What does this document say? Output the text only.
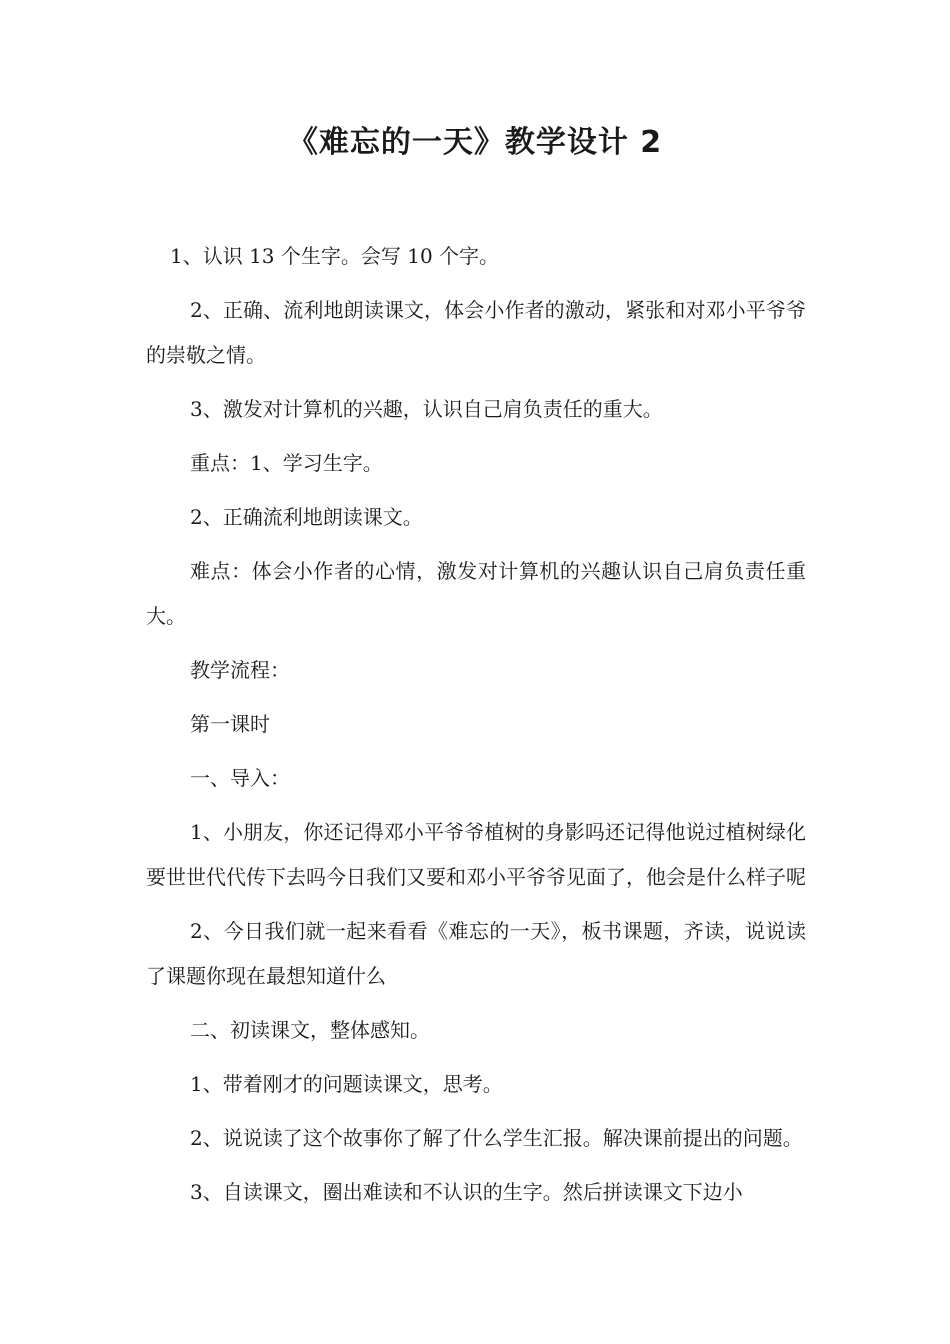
《难忘的一天》教学设计 2

1、认识 13 个生字。会写 10 个字。

2、正确、流利地朗读课文，体会小作者的激动，紧张和对邓小平爷爷的崇敬之情。

3、激发对计算机的兴趣，认识自己肩负责任的重大。

重点：1、学习生字。

2、正确流利地朗读课文。

难点：体会小作者的心情，激发对计算机的兴趣认识自己肩负责任重大。

教学流程：

第一课时

一、导入：

1、小朋友，你还记得邓小平爷爷植树的身影吗还记得他说过植树绿化要世世代代传下去吗今日我们又要和邓小平爷爷见面了，他会是什么样子呢

2、今日我们就一起来看看《难忘的一天》，板书课题，齐读，说说读了课题你现在最想知道什么

二、初读课文，整体感知。

1、带着刚才的问题读课文，思考。

2、说说读了这个故事你了解了什么学生汇报。解决课前提出的问题。

3、自读课文，圈出难读和不认识的生字。然后拼读课文下边小
